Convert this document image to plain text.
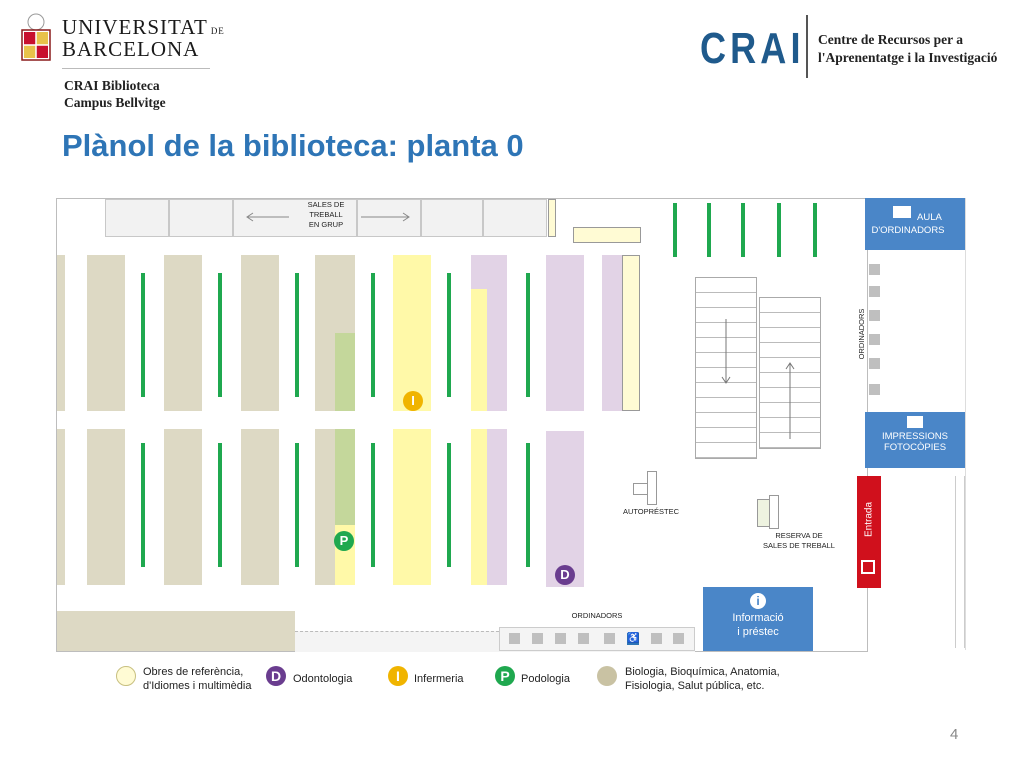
UNIVERSITAT DE
BARCELONA
CRAI Biblioteca
Campus Bellvitge
CRAI Centre de Recursos per a
l'Aprenentatge i la Investigació
Plànol de la biblioteca: planta 0
SALES DE
TREBALL
EN GRUP
I
P
D
ORDINADORS
AUTOPRÉSTEC
RESERVA DE
SALES DE TREBALL
ORDINADORS
♿
i
Informació
i préstec
AULA
D'ORDINADORS
IMPRESSIONS
FOTOCÒPIES
Entrada
Obres de referència,
d'Idiomes i multimèdia
D	Odontologia	I	Infermeria	P	Podologia
Biologia, Bioquímica, Anatomia,
Fisiologia, Salut pública, etc.
4
